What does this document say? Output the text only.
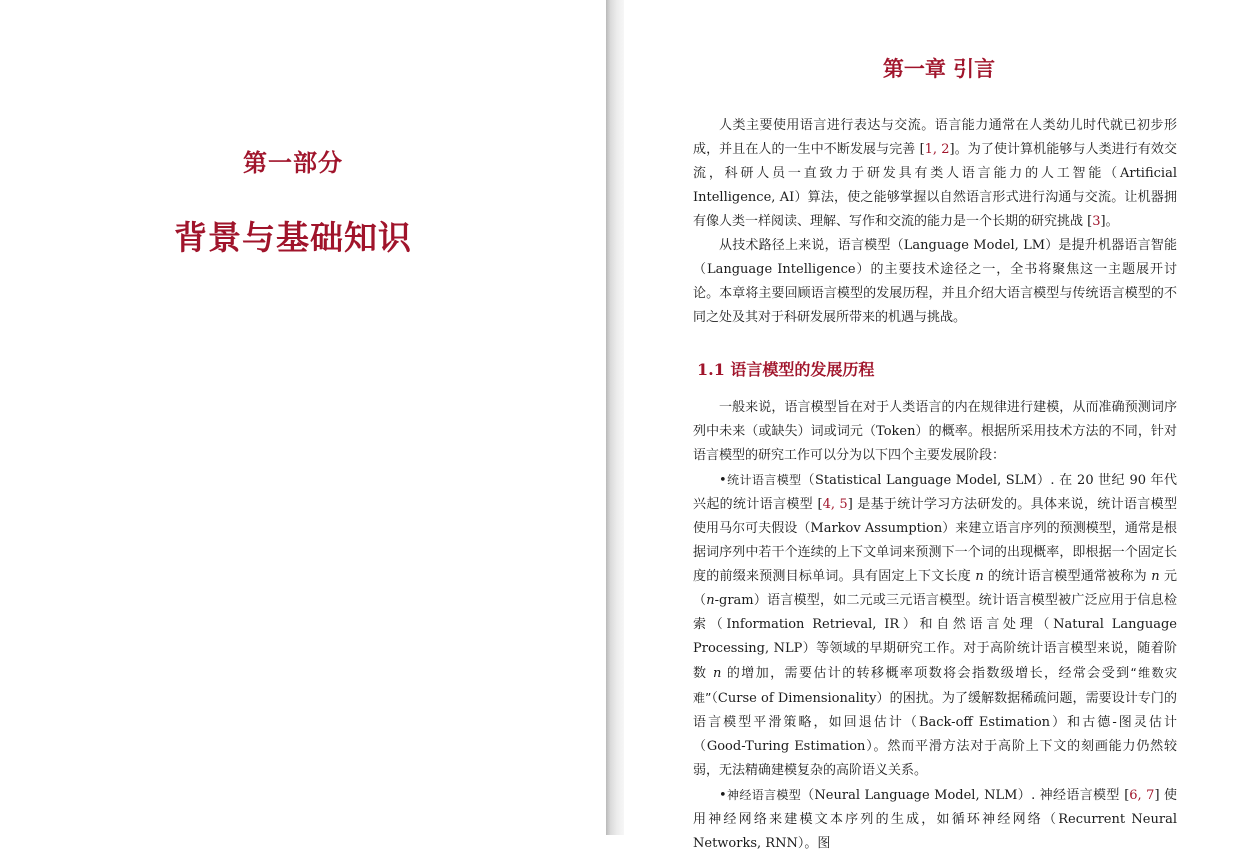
第一部分
背景与基础知识
第一章 引言

人类主要使用语言进行表达与交流。语言能力通常在人类幼儿时代就已初步形成，并且在人的一生中不断发展与完善 [1, 2]。为了使计算机能够与人类进行有效交流，科研人员一直致力于研发具有类人语言能力的人工智能（Artificial Intelligence, AI）算法，使之能够掌握以自然语言形式进行沟通与交流。让机器拥有像人类一样阅读、理解、写作和交流的能力是一个长期的研究挑战 [3]。

从技术路径上来说，语言模型（Language Model, LM）是提升机器语言智能（Language Intelligence）的主要技术途径之一，全书将聚焦这一主题展开讨论。本章将主要回顾语言模型的发展历程，并且介绍大语言模型与传统语言模型的不同之处及其对于科研发展所带来的机遇与挑战。

1.1 语言模型的发展历程

一般来说，语言模型旨在对于人类语言的内在规律进行建模，从而准确预测词序列中未来（或缺失）词或词元（Token）的概率。根据所采用技术方法的不同，针对语言模型的研究工作可以分为以下四个主要发展阶段：

•统计语言模型（Statistical Language Model, SLM）. 在 20 世纪 90 年代兴起的统计语言模型 [4, 5] 是基于统计学习方法研发的。具体来说，统计语言模型使用马尔可夫假设（Markov Assumption）来建立语言序列的预测模型，通常是根据词序列中若干个连续的上下文单词来预测下一个词的出现概率，即根据一个固定长度的前缀来预测目标单词。具有固定上下文长度 n 的统计语言模型通常被称为 n 元（n-gram）语言模型，如二元或三元语言模型。统计语言模型被广泛应用于信息检索（Information Retrieval, IR）和自然语言处理（Natural Language Processing, NLP）等领域的早期研究工作。对于高阶统计语言模型来说，随着阶数 n 的增加，需要估计的转移概率项数将会指数级增长，经常会受到“维数灾难”（Curse of Dimensionality）的困扰。为了缓解数据稀疏问题，需要设计专门的语言模型平滑策略，如回退估计（Back-off Estimation）和古德-图灵估计（Good-Turing Estimation）。然而平滑方法对于高阶上下文的刻画能力仍然较弱，无法精确建模复杂的高阶语义关系。

•神经语言模型（Neural Language Model, NLM）. 神经语言模型 [6, 7] 使用神经网络来建模文本序列的生成，如循环神经网络（Recurrent Neural Networks, RNN）。图
